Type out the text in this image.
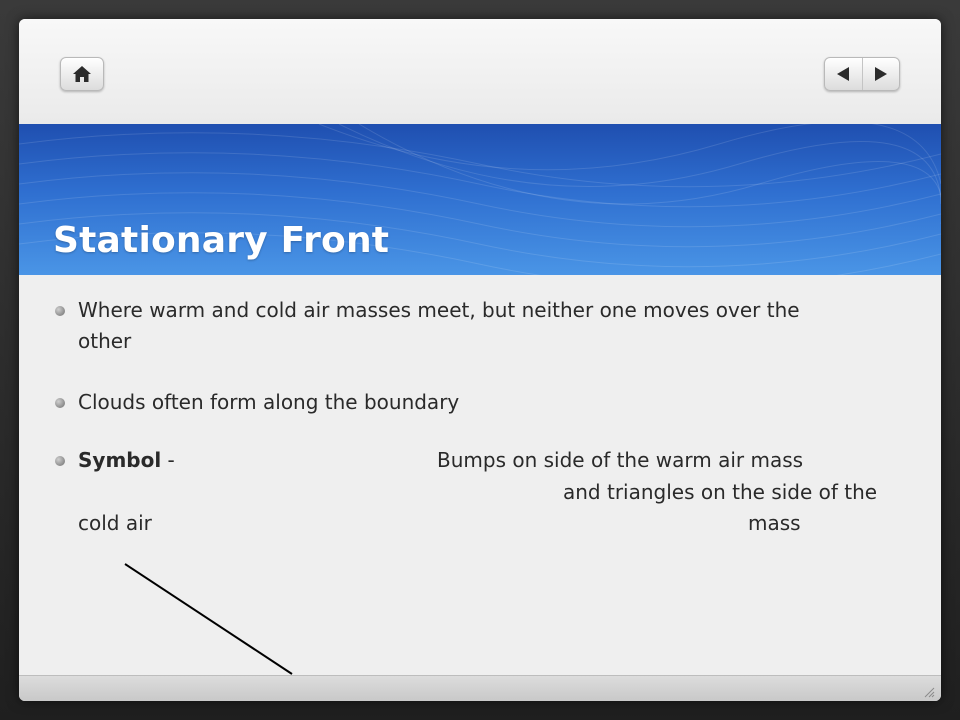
Stationary Front
Where warm and cold air masses meet, but neither one moves over the
other
Clouds often form along the boundary
Symbol -	Bumps on side of the warm air mass
and triangles on the side of the
cold air	mass
